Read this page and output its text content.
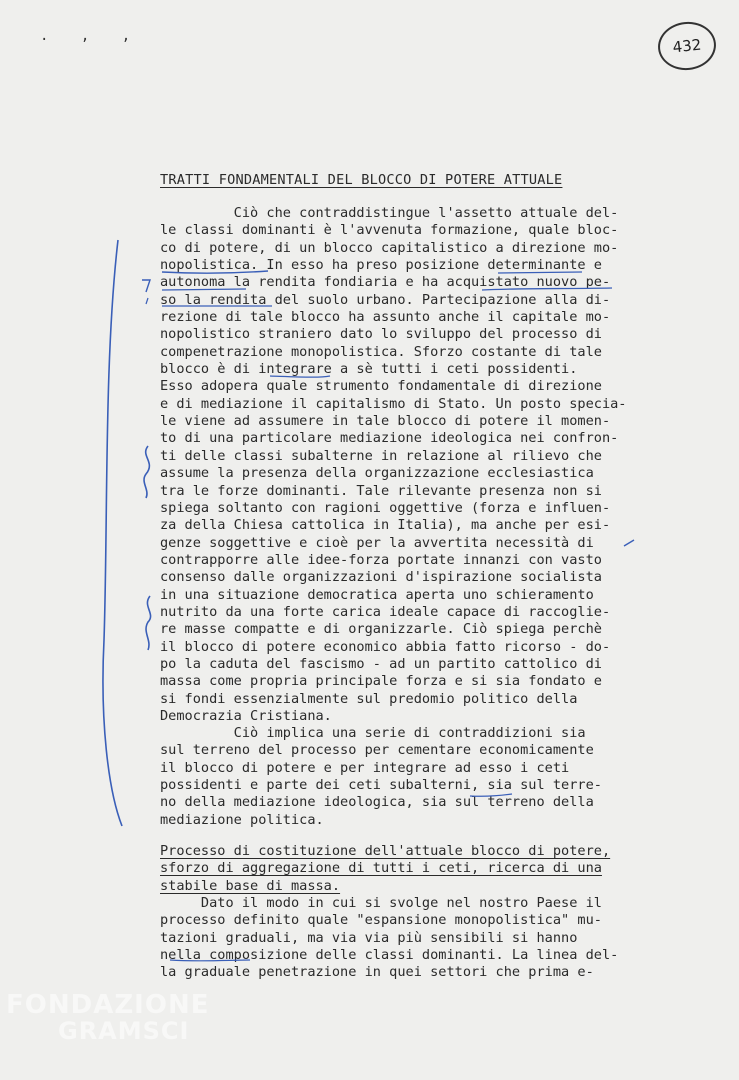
. , ,	432
TRATTI FONDAMENTALI DEL BLOCCO DI POTERE ATTUALE
Ciò che contraddistingue l'assetto attuale del-
le classi dominanti è l'avvenuta formazione, quale bloc-
co di potere, di un blocco capitalistico a direzione mo-
nopolistica. In esso ha preso posizione determinante e
autonoma la rendita fondiaria e ha acquistato nuovo pe-
so la rendita del suolo urbano. Partecipazione alla di-
rezione di tale blocco ha assunto anche il capitale mo-
nopolistico straniero dato lo sviluppo del processo di
compenetrazione monopolistica. Sforzo costante di tale
blocco è di integrare a sè tutti i ceti possidenti.
Esso adopera quale strumento fondamentale di direzione
e di mediazione il capitalismo di Stato. Un posto specia-
le viene ad assumere in tale blocco di potere il momen-
to di una particolare mediazione ideologica nei confron-
ti delle classi subalterne in relazione al rilievo che
assume la presenza della organizzazione ecclesiastica
tra le forze dominanti. Tale rilevante presenza non si
spiega soltanto con ragioni oggettive (forza e influen-
za della Chiesa cattolica in Italia), ma anche per esi-
genze soggettive e cioè per la avvertita necessità di
contrapporre alle idee-forza portate innanzi con vasto
consenso dalle organizzazioni d'ispirazione socialista
in una situazione democratica aperta uno schieramento
nutrito da una forte carica ideale capace di raccoglie-
re masse compatte e di organizzarle. Ciò spiega perchè
il blocco di potere economico abbia fatto ricorso - do-
po la caduta del fascismo - ad un partito cattolico di
massa come propria principale forza e si sia fondato e
si fondi essenzialmente sul predomio politico della
Democrazia Cristiana.
Ciò implica una serie di contraddizioni sia
sul terreno del processo per cementare economicamente
il blocco di potere e per integrare ad esso i ceti
possidenti e parte dei ceti subalterni, sia sul terre-
no della mediazione ideologica, sia sul terreno della
mediazione politica.
Processo di costituzione dell'attuale blocco di potere,
sforzo di aggregazione di tutti i ceti, ricerca di una
stabile base di massa.
Dato il modo in cui si svolge nel nostro Paese il
processo definito quale "espansione monopolistica" mu-
tazioni graduali, ma via via più sensibili si hanno
nella composizione delle classi dominanti. La linea del-
la graduale penetrazione in quei settori che prima e-
FONDAZIONE
GRAMSCI
